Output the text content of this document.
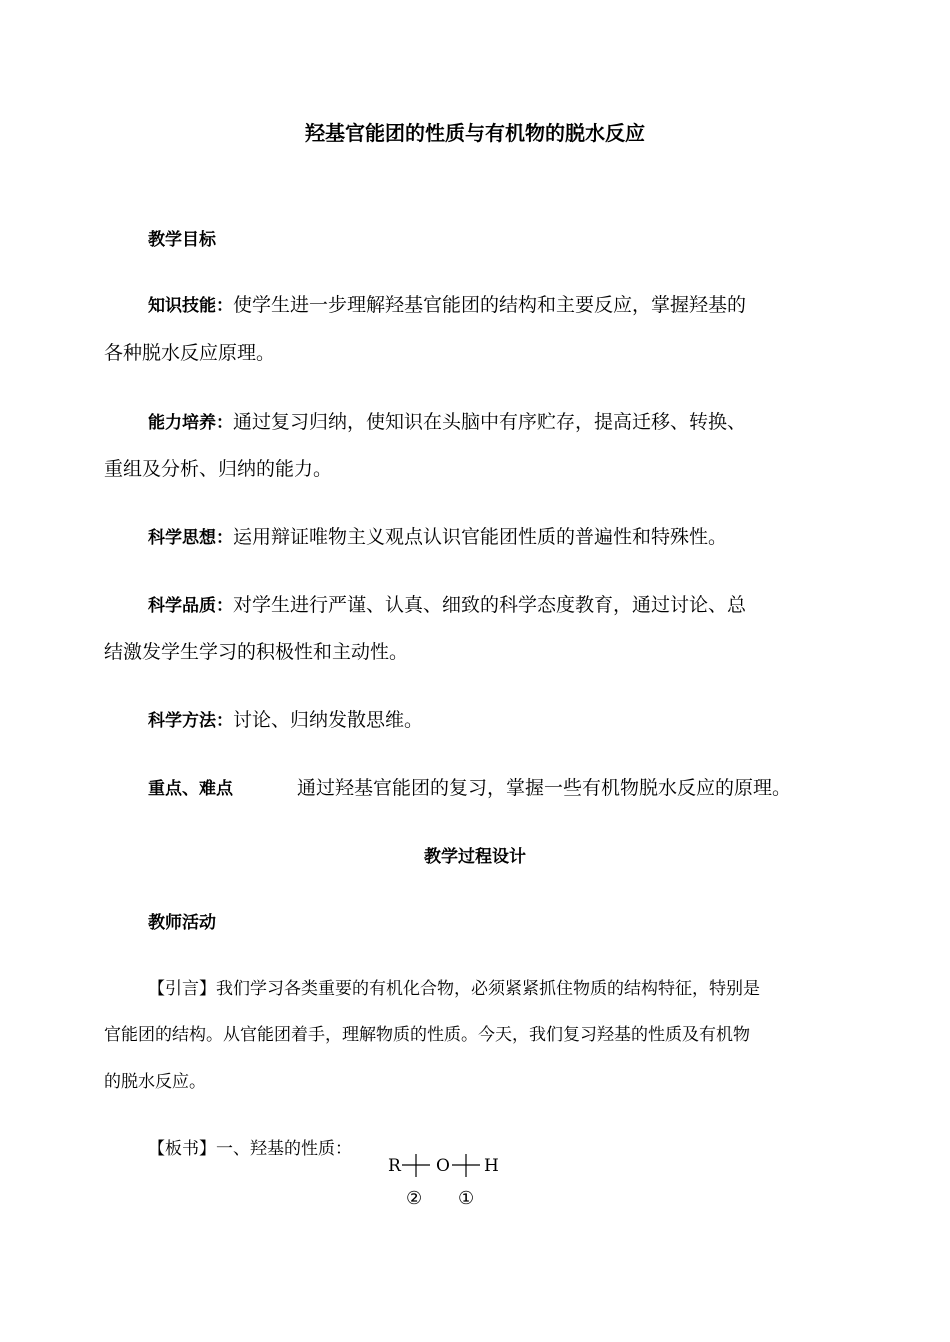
羟基官能团的性质与有机物的脱水反应
教学目标
知识技能：使学生进一步理解羟基官能团的结构和主要反应，掌握羟基的
各种脱水反应原理。
能力培养：通过复习归纳，使知识在头脑中有序贮存，提高迁移、转换、
重组及分析、归纳的能力。
科学思想：运用辩证唯物主义观点认识官能团性质的普遍性和特殊性。
科学品质：对学生进行严谨、认真、细致的科学态度教育，通过讨论、总
结激发学生学习的积极性和主动性。
科学方法：讨论、归纳发散思维。
重点、难点	通过羟基官能团的复习，掌握一些有机物脱水反应的原理。
教学过程设计
教师活动
【引言】我们学习各类重要的有机化合物，必须紧紧抓住物质的结构特征，特别是
官能团的结构。从官能团着手，理解物质的性质。今天，我们复习羟基的性质及有机物
的脱水反应。
【板书】一、羟基的性质：
R O H
② ①
